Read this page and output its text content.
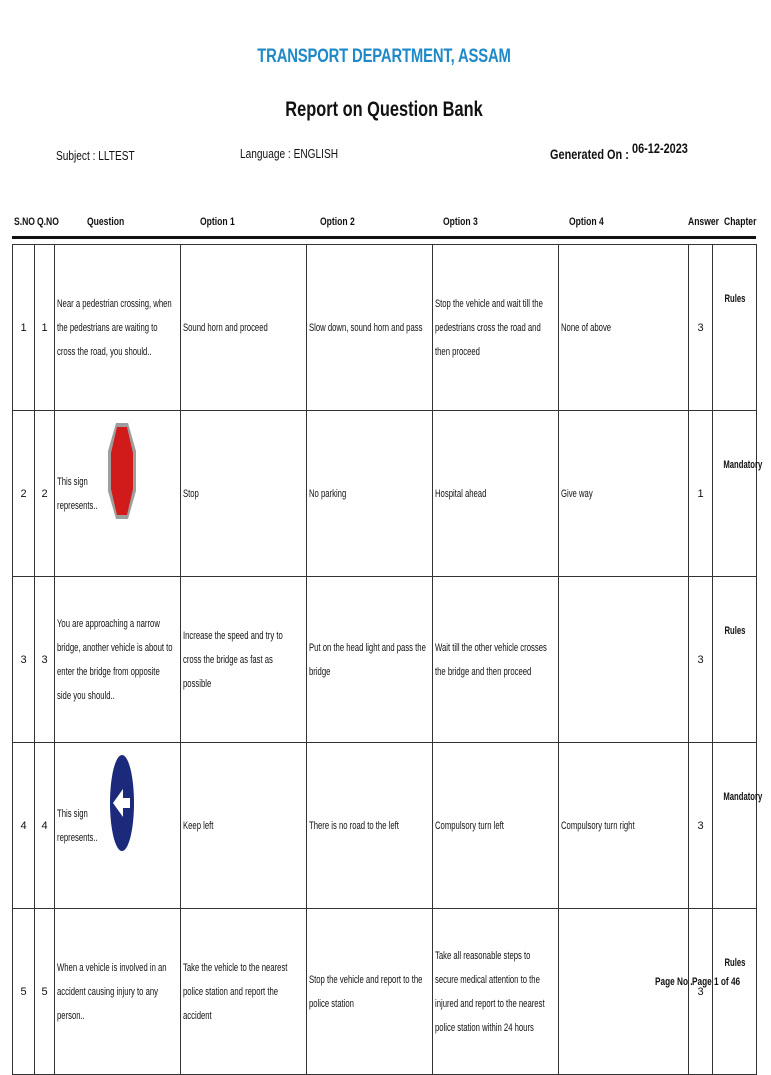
TRANSPORT DEPARTMENT, ASSAM
Report on Question Bank
Subject : LLTEST	Language : ENGLISH	Generated On : 06-12-2023
S.NO Q.NO	Question	Option 1	Option 2	Option 3	Option 4	Answer Chapter
1	1	Near a pedestrian crossing, when the pedestrians are waiting to cross the road, you should..	Sound horn and proceed	Slow down, sound horn and pass	Stop the vehicle and wait till the pedestrians cross the road and then proceed	None of above	3	Rules
2	2	This sign represents..	Stop	No parking	Hospital ahead	Give way	1	Mandatory
3	3	You are approaching a narrow bridge, another vehicle is about to enter the bridge from opposite side you should..	Increase the speed and try to cross the bridge as fast as possible	Put on the head light and pass the bridge	Wait till the other vehicle crosses the bridge and then proceed		3	Rules
4	4	This sign represents..	Keep left	There is no road to the left	Compulsory turn left	Compulsory turn right	3	Mandatory
5	5	When a vehicle is involved in an accident causing injury to any person..	Take the vehicle to the nearest police station and report the accident	Stop the vehicle and report to the police station	Take all reasonable steps to secure medical attention to the injured and report to the nearest police station within 24 hours		3	Rules
Page No . Page 1 of 46
